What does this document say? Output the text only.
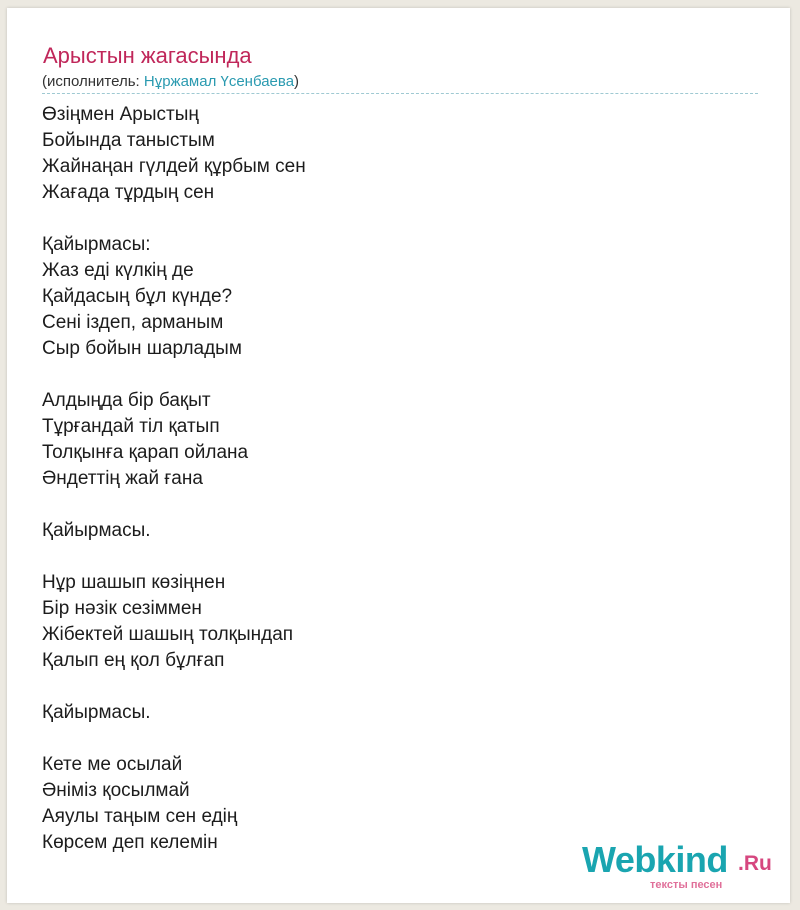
Арыстын жагасында
(исполнитель: Нұржамал Үсенбаева)
Өзіңмен Арыстың
Бойында таныстым
Жайнаңан гүлдей құрбым сен
Жағада тұрдың сен
Қайырмасы:
Жаз еді күлкің де
Қайдасың бұл күнде?
Сені іздеп, арманым
Сыр бойын шарладым
Алдыңда бір бақыт
Тұрғандай тіл қатып
Толқынға қарап ойлана
Әндеттің жай ғана
Қайырмасы.
Нұр шашып көзіңнен
Бір нәзік сезіммен
Жібектей шашың толқындап
Қалып ең қол бұлғап
Қайырмасы.
Кете ме осылай
Әніміз қосылмай
Аяулы таңым сен едің
Көрсем деп келемін	Webkind .Ru
тексты песен
